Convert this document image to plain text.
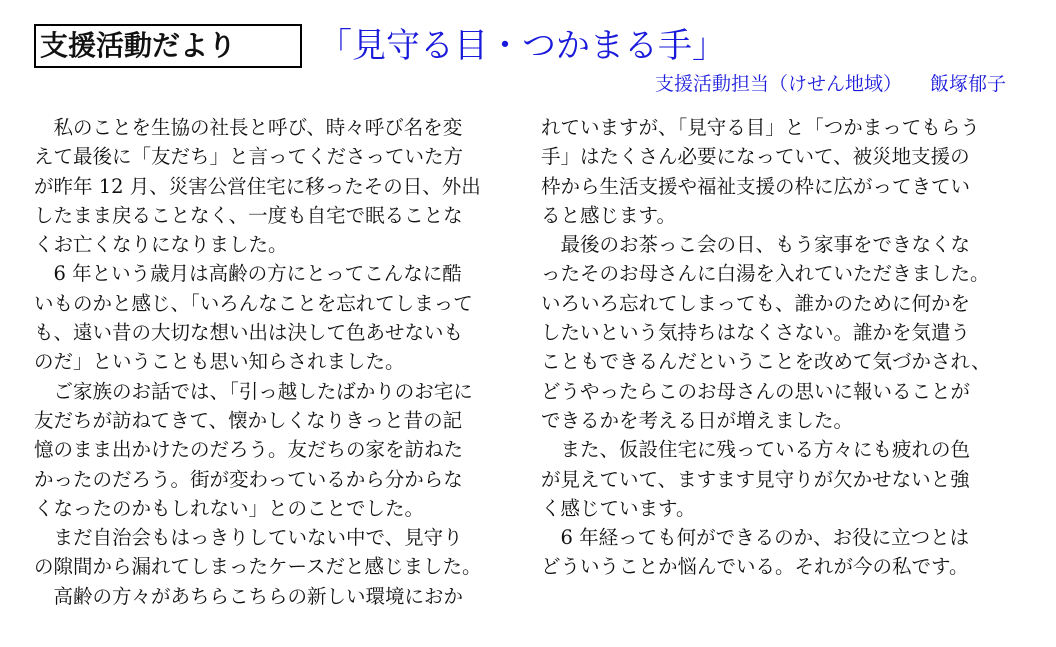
支援活動だより	「見守る目・つかまる手」
支援活動担当（けせん地域） 飯塚郁子
　私のことを生協の社長と呼び、時々呼び名を変
えて最後に「友だち」と言ってくださっていた方
が昨年 12 月、災害公営住宅に移ったその日、外出
したまま戻ることなく、一度も自宅で眠ることな
くお亡くなりになりました。
　6 年という歳月は高齢の方にとってこんなに酷
いものかと感じ、「いろんなことを忘れてしまって
も、遠い昔の大切な想い出は決して色あせないも
のだ」ということも思い知らされました。
　ご家族のお話では、「引っ越したばかりのお宅に
友だちが訪ねてきて、懐かしくなりきっと昔の記
憶のまま出かけたのだろう。友だちの家を訪ねた
かったのだろう。街が変わっているから分からな
くなったのかもしれない」とのことでした。
　まだ自治会もはっきりしていない中で、見守り
の隙間から漏れてしまったケースだと感じました。
　高齢の方々があちらこちらの新しい環境におか
れていますが、「見守る目」と「つかまってもらう
手」はたくさん必要になっていて、被災地支援の
枠から生活支援や福祉支援の枠に広がってきてい
ると感じます。
　最後のお茶っこ会の日、もう家事をできなくな
ったそのお母さんに白湯を入れていただきました。
いろいろ忘れてしまっても、誰かのために何かを
したいという気持ちはなくさない。誰かを気遣う
こともできるんだということを改めて気づかされ、
どうやったらこのお母さんの思いに報いることが
できるかを考える日が増えました。
　また、仮設住宅に残っている方々にも疲れの色
が見えていて、ますます見守りが欠かせないと強
く感じています。
　6 年経っても何ができるのか、お役に立つとは
どういうことか悩んでいる。それが今の私です。
